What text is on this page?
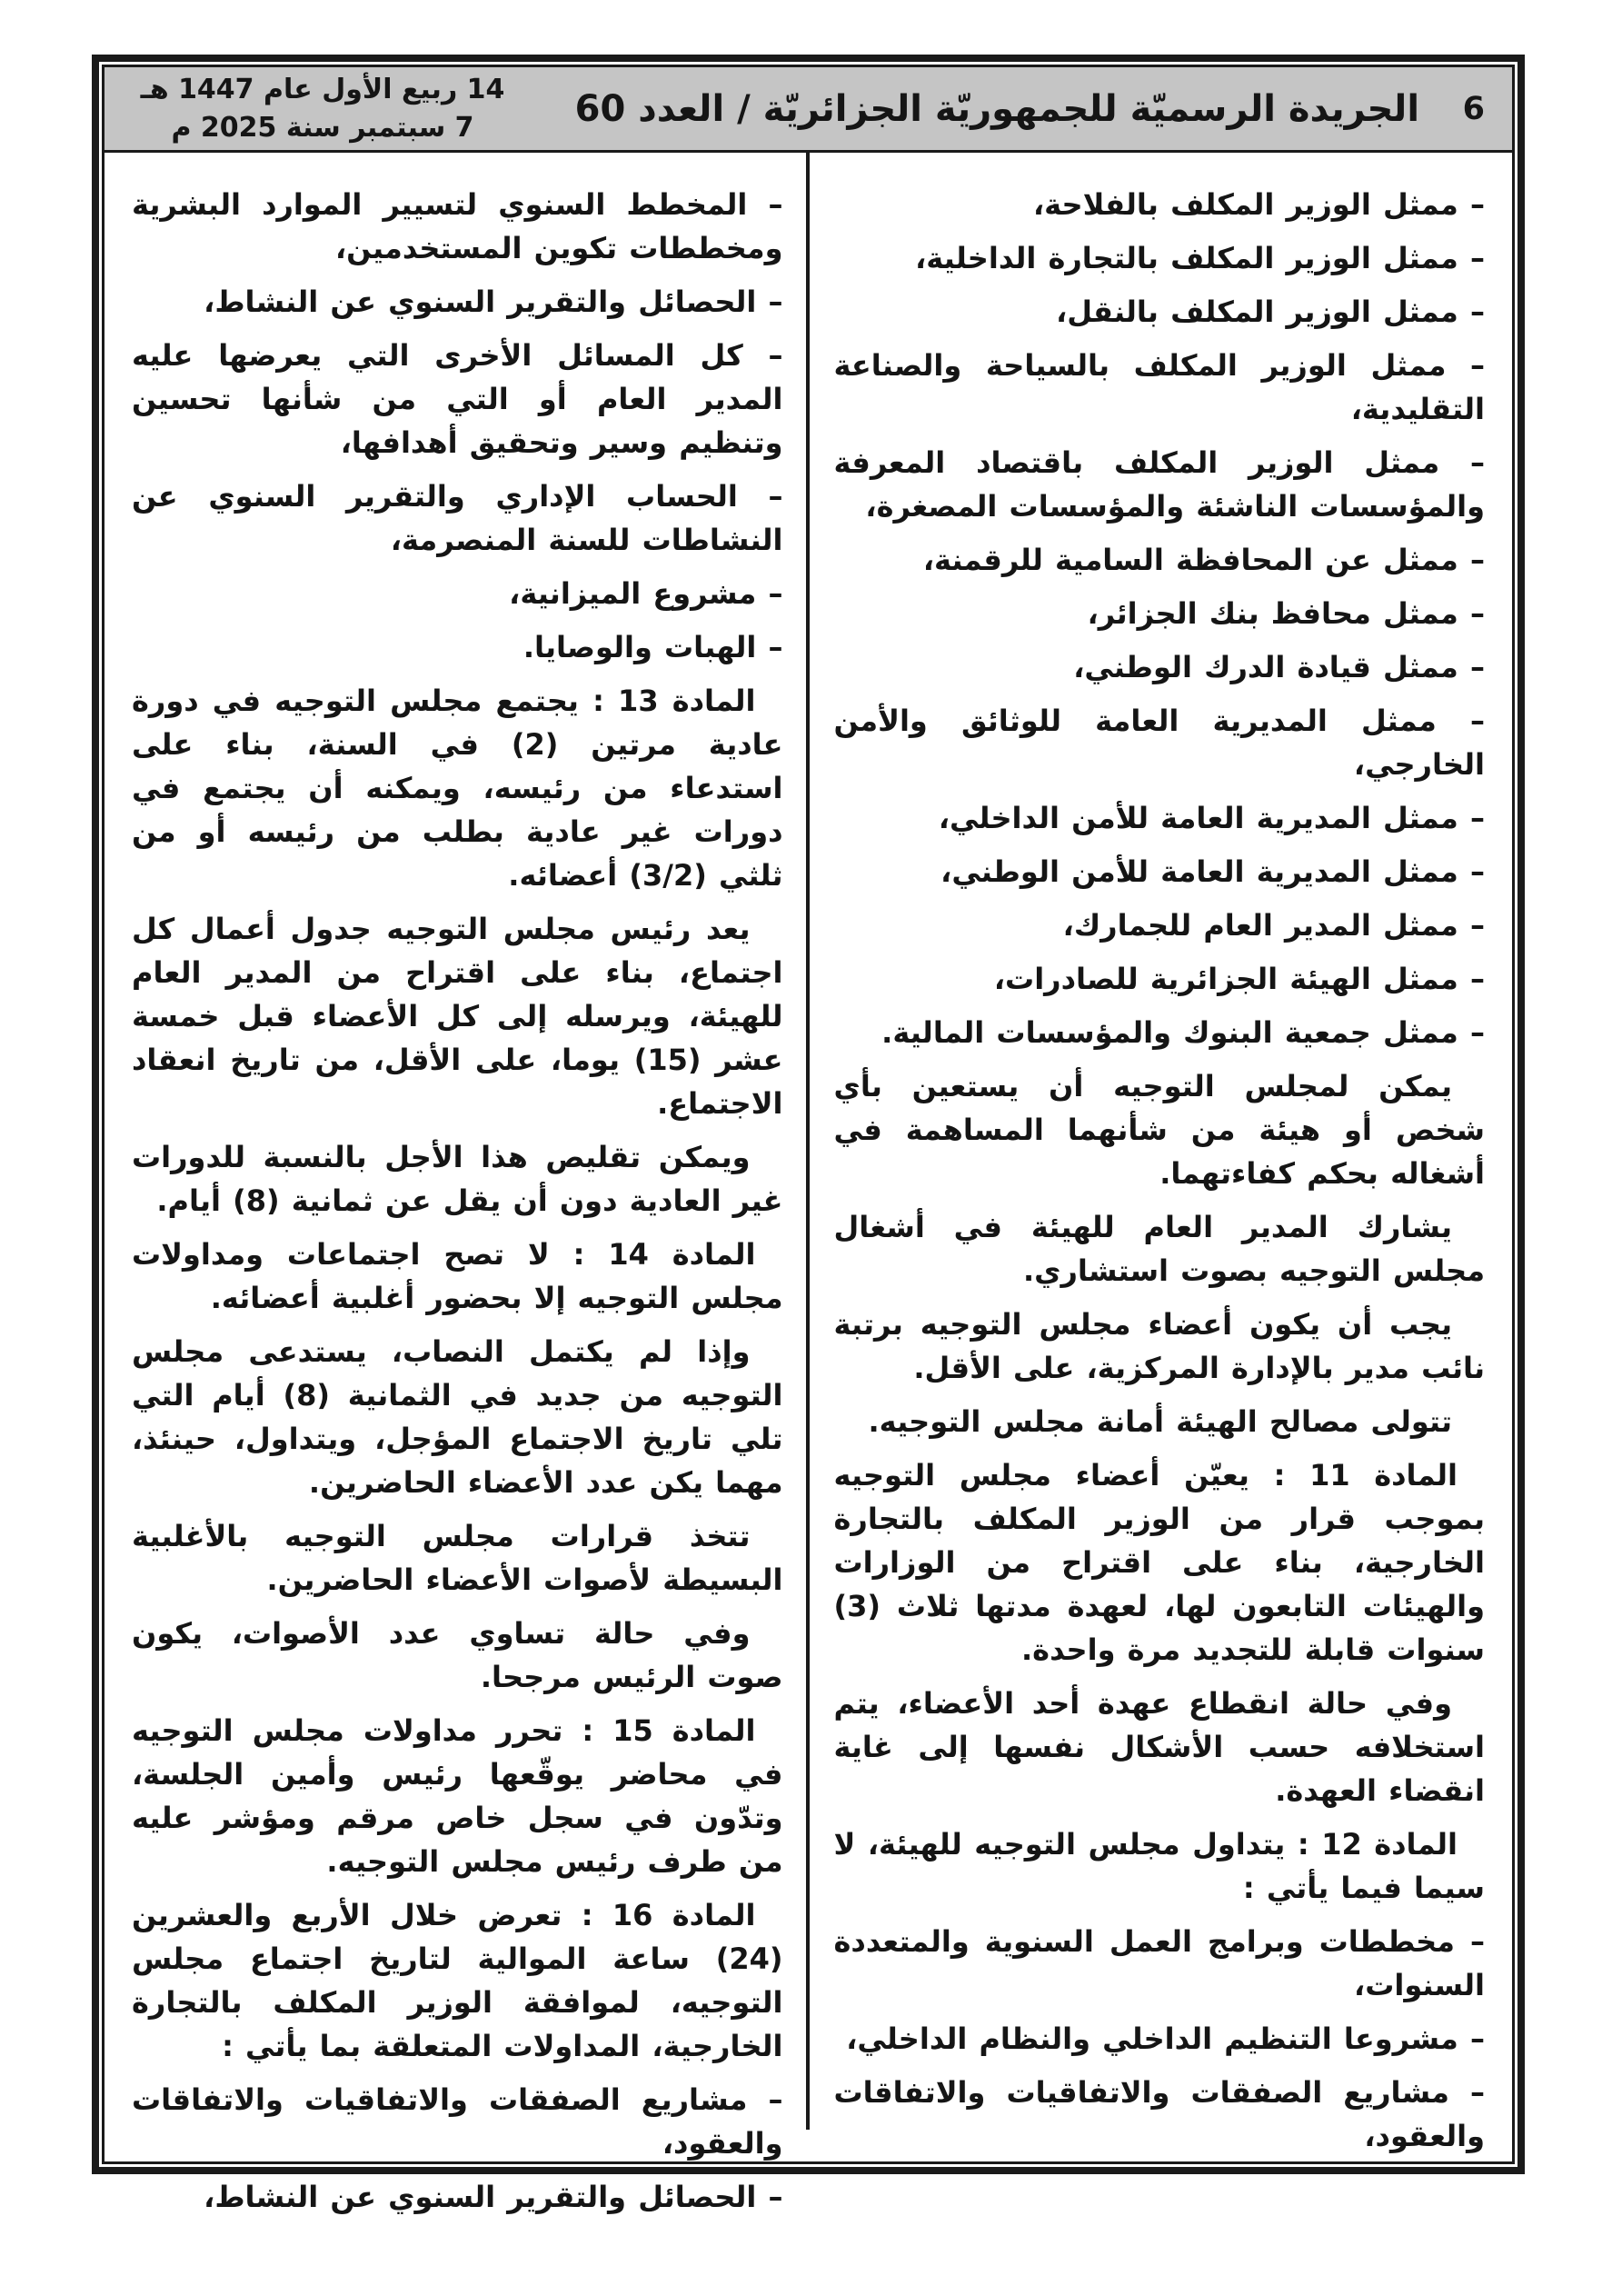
14 ربيع الأول عام 1447 هـ
7 سبتمبر سنة 2025 م	الجريدة الرسميّة للجمهوريّة الجزائريّة / العدد 60	6

– ممثل الوزير المكلف بالفلاحة،

– ممثل الوزير المكلف بالتجارة الداخلية،

– ممثل الوزير المكلف بالنقل،

– ممثل الوزير المكلف بالسياحة والصناعة التقليدية،

– ممثل الوزير المكلف باقتصاد المعرفة والمؤسسات الناشئة والمؤسسات المصغرة،

– ممثل عن المحافظة السامية للرقمنة،

– ممثل محافظ بنك الجزائر،

– ممثل قيادة الدرك الوطني،

– ممثل المديرية العامة للوثائق والأمن الخارجي،

– ممثل المديرية العامة للأمن الداخلي،

– ممثل المديرية العامة للأمن الوطني،

– ممثل المدير العام للجمارك،

– ممثل الهيئة الجزائرية للصادرات،

– ممثل جمعية البنوك والمؤسسات المالية.

يمكن لمجلس التوجيه أن يستعين بأي شخص أو هيئة من شأنهما المساهمة في أشغاله بحكم كفاءتهما.

يشارك المدير العام للهيئة في أشغال مجلس التوجيه بصوت استشاري.

يجب أن يكون أعضاء مجلس التوجيه برتبة نائب مدير بالإدارة المركزية، على الأقل.

تتولى مصالح الهيئة أمانة مجلس التوجيه.

المادة 11 : يعيّن أعضاء مجلس التوجيه بموجب قرار من الوزير المكلف بالتجارة الخارجية، بناء على اقتراح من الوزارات والهيئات التابعون لها، لعهدة مدتها ثلاث (3) سنوات قابلة للتجديد مرة واحدة.

وفي حالة انقطاع عهدة أحد الأعضاء، يتم استخلافه حسب الأشكال نفسها إلى غاية انقضاء العهدة.

المادة 12 : يتداول مجلس التوجيه للهيئة، لا سيما فيما يأتي :

– مخططات وبرامج العمل السنوية والمتعددة السنوات،

– مشروعا التنظيم الداخلي والنظام الداخلي،

– مشاريع الصفقات والاتفاقيات والاتفاقات والعقود،

– المخطط السنوي لتسيير الموارد البشرية ومخططات تكوين المستخدمين،

– الحصائل والتقرير السنوي عن النشاط،

– كل المسائل الأخرى التي يعرضها عليه المدير العام أو التي من شأنها تحسين وتنظيم وسير وتحقيق أهدافها،

– الحساب الإداري والتقرير السنوي عن النشاطات للسنة المنصرمة،

– مشروع الميزانية،

– الهبات والوصايا.

المادة 13 : يجتمع مجلس التوجيه في دورة عادية مرتين (2) في السنة، بناء على استدعاء من رئيسه، ويمكنه أن يجتمع في دورات غير عادية بطلب من رئيسه أو من ثلثي (3/2) أعضائه.

يعد رئيس مجلس التوجيه جدول أعمال كل اجتماع، بناء على اقتراح من المدير العام للهيئة، ويرسله إلى كل الأعضاء قبل خمسة عشر (15) يوما، على الأقل، من تاريخ انعقاد الاجتماع.

ويمكن تقليص هذا الأجل بالنسبة للدورات غير العادية دون أن يقل عن ثمانية (8) أيام.

المادة 14 : لا تصح اجتماعات ومداولات مجلس التوجيه إلا بحضور أغلبية أعضائه.

وإذا لم يكتمل النصاب، يستدعى مجلس التوجيه من جديد في الثمانية (8) أيام التي تلي تاريخ الاجتماع المؤجل، ويتداول، حينئذ، مهما يكن عدد الأعضاء الحاضرين.

تتخذ قرارات مجلس التوجيه بالأغلبية البسيطة لأصوات الأعضاء الحاضرين.

وفي حالة تساوي عدد الأصوات، يكون صوت الرئيس مرجحا.

المادة 15 : تحرر مداولات مجلس التوجيه في محاضر يوقّعها رئيس وأمين الجلسة، وتدّون في سجل خاص مرقم ومؤشر عليه من طرف رئيس مجلس التوجيه.

المادة 16 : تعرض خلال الأربع والعشرين (24) ساعة الموالية لتاريخ اجتماع مجلس التوجيه، لموافقة الوزير المكلف بالتجارة الخارجية، المداولات المتعلقة بما يأتي :

– مشاريع الصفقات والاتفاقيات والاتفاقات والعقود،

– الحصائل والتقرير السنوي عن النشاط،
